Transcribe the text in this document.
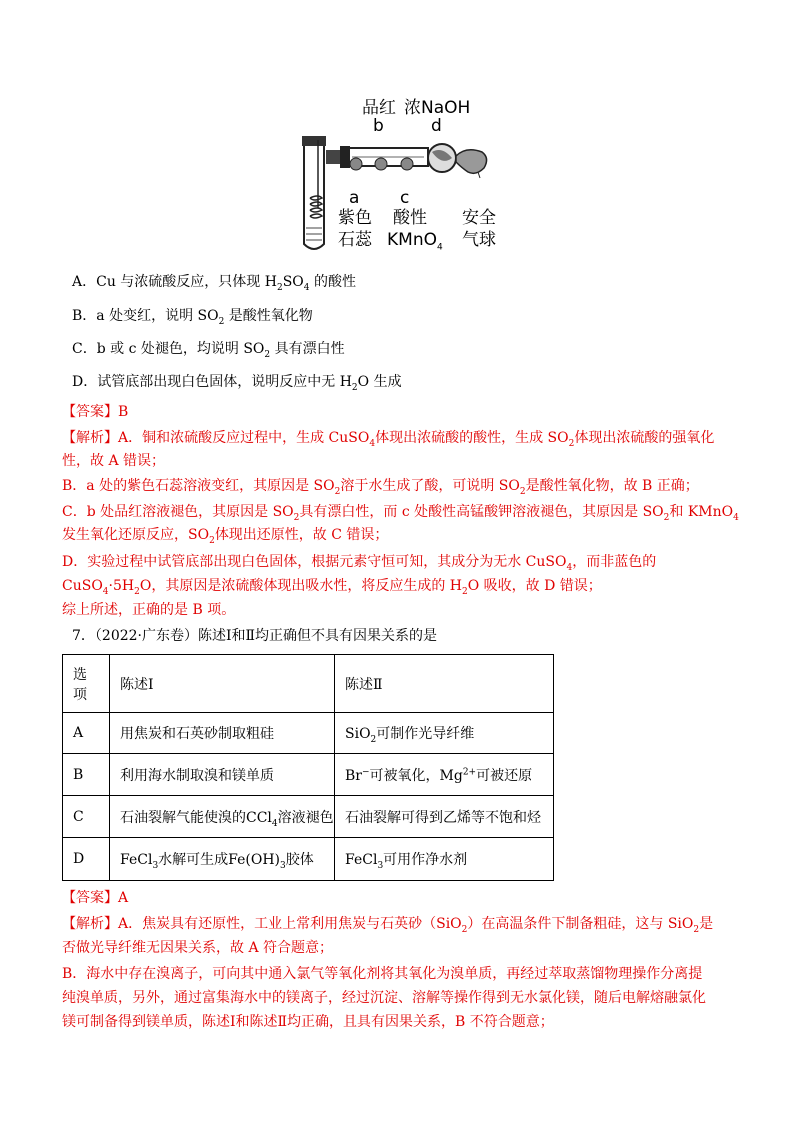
品红 浓NaOH
b	d
a c
紫色
石蕊
酸性
KMnO$_4$
安全
气球
A．Cu 与浓硫酸反应，只体现 $H_2SO_4$ 的酸性
B．a 处变红，说明 $SO_2$ 是酸性氧化物
C．b 或 c 处褪色，均说明 $SO_2$ 具有漂白性
D．试管底部出现白色固体，说明反应中无 $H_2O$ 生成
【答案】B
【解析】A．铜和浓硫酸反应过程中，生成 CuSO$_4$体现出浓硫酸的酸性，生成 $SO_2$体现出浓硫酸的强氧化
性，故 A 错误；
B．a 处的紫色石蕊溶液变红，其原因是 $SO_2$溶于水生成了酸，可说明 $SO_2$是酸性氧化物，故 B 正确；
C．b 处品红溶液褪色，其原因是 $SO_2$具有漂白性，而 c 处酸性高锰酸钾溶液褪色，其原因是 $SO_2$和 KMnO$_4$
发生氧化还原反应，$SO_2$体现出还原性，故 C 错误；
D．实验过程中试管底部出现白色固体，根据元素守恒可知，其成分为无水 CuSO$_4$，而非蓝色的
$CuSO_4\cdot 5H_2O$，其原因是浓硫酸体现出吸水性，将反应生成的 $H_2O$ 吸收，故 D 错误；
综上所述，正确的是 B 项。
7．（2022·广东卷）陈述Ⅰ和Ⅱ均正确但不具有因果关系的是
选
项	陈述Ⅰ	陈述Ⅱ
A	用焦炭和石英砂制取粗硅	SiO$_2$可制作光导纤维
B	利用海水制取溴和镁单质	Br−可被氧化，$Mg^{2+}$可被还原
C	石油裂解气能使溴的CCl$_4$溶液褪色	石油裂解可得到乙烯等不饱和烃
D	FeCl$_3$水解可生成$Fe(OH)_3$胶体	FeCl$_3$可用作净水剂
【答案】A
【解析】A．焦炭具有还原性，工业上常利用焦炭与石英砂（SiO$_2$）在高温条件下制备粗硅，这与 SiO$_2$是
否做光导纤维无因果关系，故 A 符合题意；
B．海水中存在溴离子，可向其中通入氯气等氧化剂将其氧化为溴单质，再经过萃取蒸馏物理操作分离提
纯溴单质，另外，通过富集海水中的镁离子，经过沉淀、溶解等操作得到无水氯化镁，随后电解熔融氯化
镁可制备得到镁单质，陈述Ⅰ和陈述Ⅱ均正确，且具有因果关系，B 不符合题意；
